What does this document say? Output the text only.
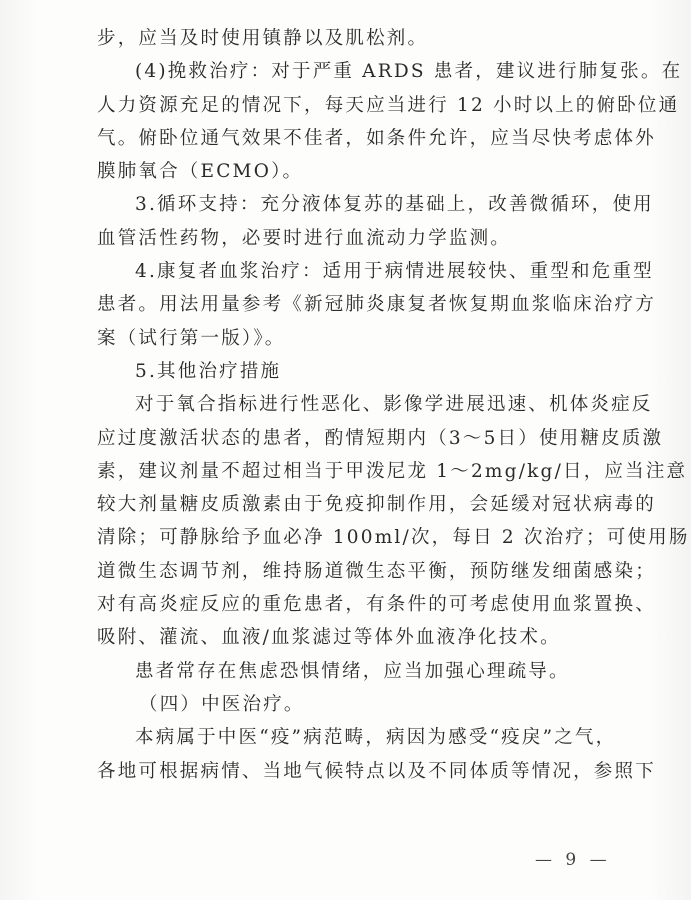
步，应当及时使用镇静以及肌松剂。
(4)挽救治疗：对于严重 ARDS 患者，建议进行肺复张。在
人力资源充足的情况下，每天应当进行 12 小时以上的俯卧位通
气。俯卧位通气效果不佳者，如条件允许，应当尽快考虑体外
膜肺氧合（ECMO）。
3.循环支持：充分液体复苏的基础上，改善微循环，使用
血管活性药物，必要时进行血流动力学监测。
4.康复者血浆治疗：适用于病情进展较快、重型和危重型
患者。用法用量参考《新冠肺炎康复者恢复期血浆临床治疗方
案（试行第一版）》。
5.其他治疗措施
对于氧合指标进行性恶化、影像学进展迅速、机体炎症反
应过度激活状态的患者，酌情短期内（3～5日）使用糖皮质激
素，建议剂量不超过相当于甲泼尼龙 1～2mg/kg/日，应当注意
较大剂量糖皮质激素由于免疫抑制作用，会延缓对冠状病毒的
清除；可静脉给予血必净 100ml/次，每日 2 次治疗；可使用肠
道微生态调节剂，维持肠道微生态平衡，预防继发细菌感染；
对有高炎症反应的重危患者，有条件的可考虑使用血浆置换、
吸附、灌流、血液/血浆滤过等体外血液净化技术。
患者常存在焦虑恐惧情绪，应当加强心理疏导。
（四）中医治疗。
本病属于中医“疫”病范畴，病因为感受“疫戾”之气，
各地可根据病情、当地气候特点以及不同体质等情况，参照下
— 9 —
